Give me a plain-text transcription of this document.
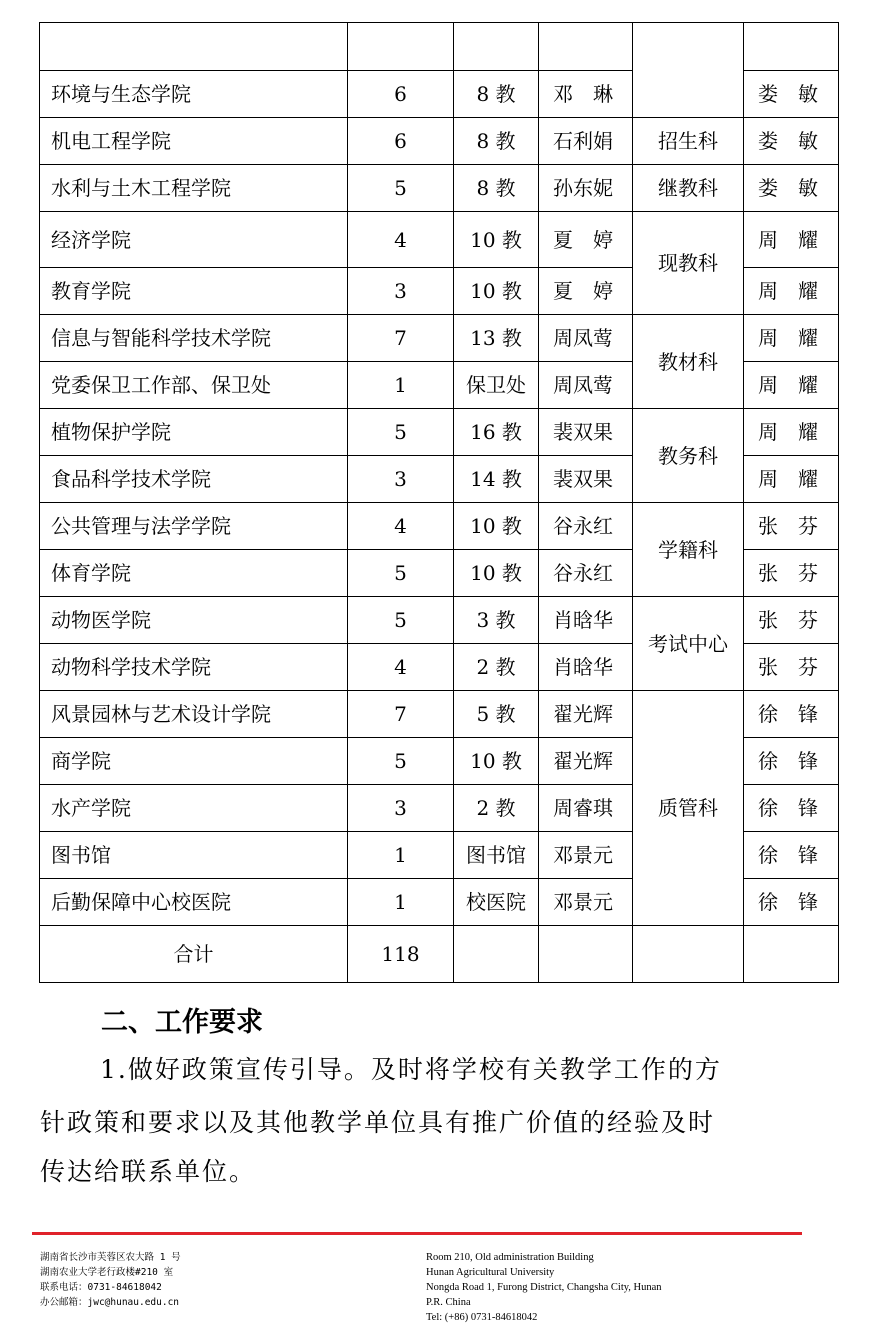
环境与生态学院	6	8 教	邓　琳		娄　敏
机电工程学院	6	8 教	石利娟	招生科	娄　敏
水利与土木工程学院	5	8 教	孙东妮	继教科	娄　敏
经济学院	4	10 教	夏　婷	现教科	周　耀
教育学院	3	10 教	夏　婷		周　耀
信息与智能科学技术学院	7	13 教	周凤莺	教材科	周　耀
党委保卫工作部、保卫处	1	保卫处	周凤莺		周　耀
植物保护学院	5	16 教	裴双果	教务科	周　耀
食品科学技术学院	3	14 教	裴双果		周　耀
公共管理与法学学院	4	10 教	谷永红	学籍科	张　芬
体育学院	5	10 教	谷永红		张　芬
动物医学院	5	3 教	肖晗华	考试中心	张　芬
动物科学技术学院	4	2 教	肖晗华		张　芬
风景园林与艺术设计学院	7	5 教	翟光辉	质管科	徐　锋
商学院	5	10 教	翟光辉		徐　锋
水产学院	3	2 教	周睿琪		徐　锋
图书馆	1	图书馆	邓景元		徐　锋
后勤保障中心校医院	1	校医院	邓景元		徐　锋
合计	118				
二、工作要求
1.做好政策宣传引导。及时将学校有关教学工作的方
针政策和要求以及其他教学单位具有推广价值的经验及时
传达给联系单位。
湖南省长沙市芙蓉区农大路 1 号
湖南农业大学老行政楼#210 室
联系电话：0731-84618042
办公邮箱：jwc@hunau.edu.cn
Room 210, Old administration Building
Hunan Agricultural University
Nongda Road 1, Furong District, Changsha City, Hunan
P.R. China
Tel: (+86) 0731-84618042
